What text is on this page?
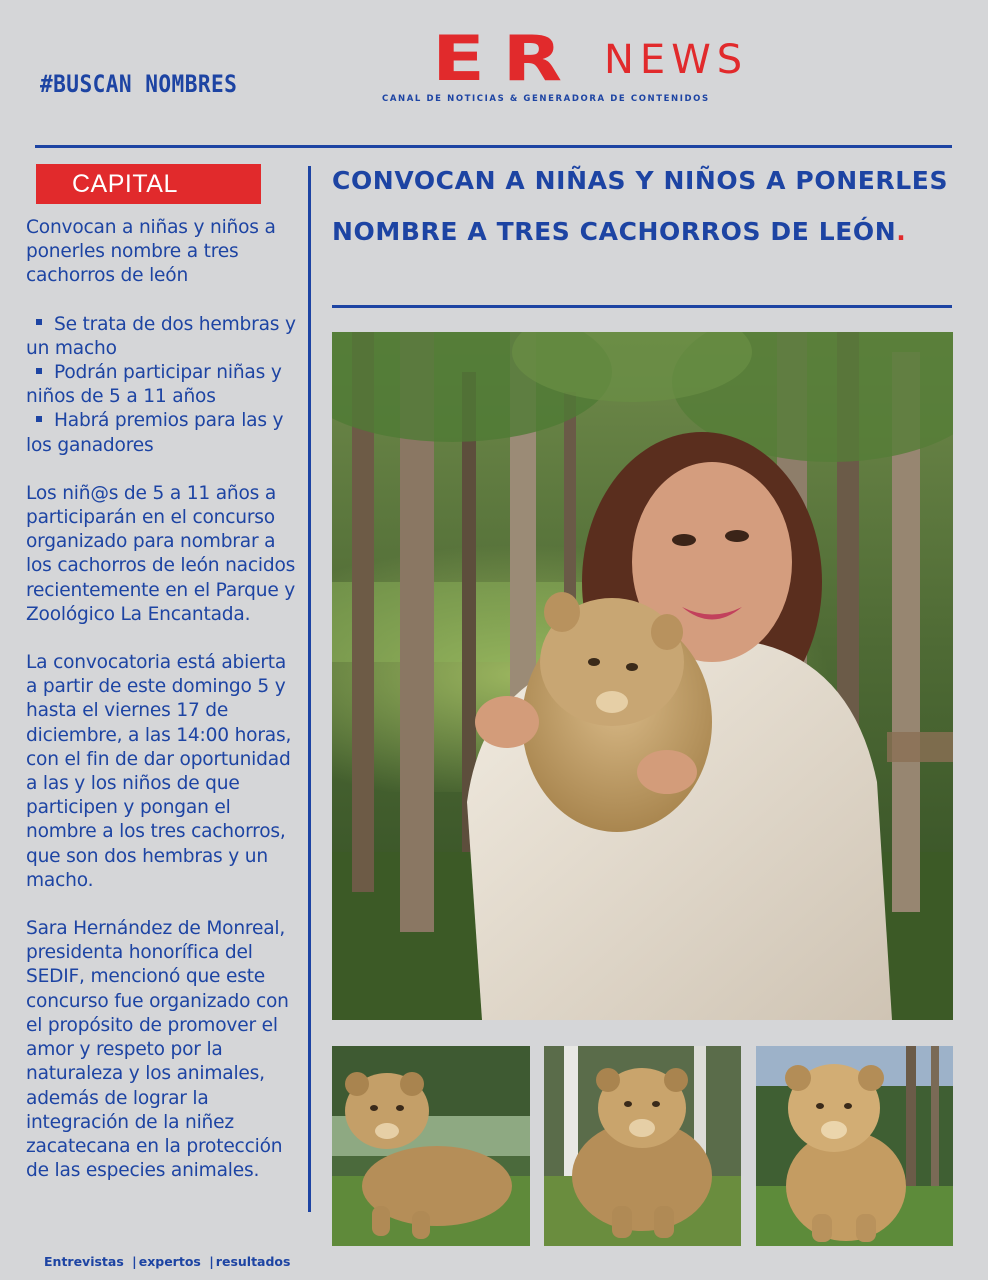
#BUSCAN NOMBRES	ER NEWS
CANAL DE NOTICIAS & GENERADORA DE CONTENIDOS
CAPITAL

Convocan a niñas y niños a ponerles nombre a tres cachorros de león

Se trata de dos hembras y un macho

Podrán participar niñas y niños de 5 a 11 años

Habrá premios para las y los ganadores

Los niñ@s de 5 a 11 años a participarán en el concurso organizado para nombrar a los cachorros de león nacidos recientemente en el Parque y Zoológico La Encantada.

La convocatoria está abierta a partir de este domingo 5 y hasta el viernes 17 de diciembre, a las 14:00 horas, con el fin de dar oportunidad a las y los niños de que participen y pongan el nombre a los tres cachorros, que son dos hembras y un macho.

Sara Hernández de Monreal, presidenta honorífica del SEDIF, mencionó que este concurso fue organizado con el propósito de promover el amor y respeto por la naturaleza y los animales, además de lograr la integración de la niñez zacatecana en la protección de las especies animales.

CONVOCAN A NIÑAS Y NIÑOS A PONERLES NOMBRE A TRES CACHORROS DE LEÓN.
Entrevistas | expertos | resultados
